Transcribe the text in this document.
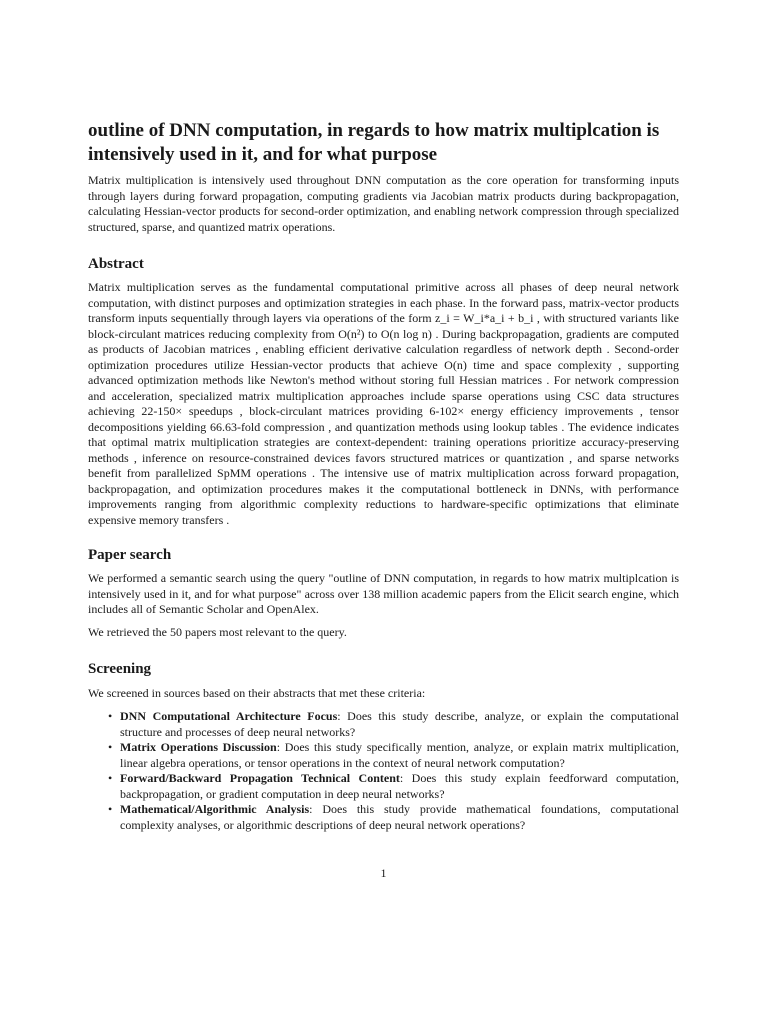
outline of DNN computation, in regards to how matrix multiplcation is intensively used in it, and for what purpose

Matrix multiplication is intensively used throughout DNN computation as the core operation for transforming inputs through layers during forward propagation, computing gradients via Jacobian matrix products during backpropagation, calculating Hessian-vector products for second-order optimization, and enabling network compression through specialized structured, sparse, and quantized matrix operations.

Abstract

Matrix multiplication serves as the fundamental computational primitive across all phases of deep neural network computation, with distinct purposes and optimization strategies in each phase. In the forward pass, matrix-vector products transform inputs sequentially through layers via operations of the form z_i = W_i*a_i + b_i , with structured variants like block-circulant matrices reducing complexity from O(n²) to O(n log n) . During backpropagation, gradients are computed as products of Jacobian matrices , enabling efficient derivative calculation regardless of network depth . Second-order optimization procedures utilize Hessian-vector products that achieve O(n) time and space complexity , supporting advanced optimization methods like Newton's method without storing full Hessian matrices . For network compression and acceleration, specialized matrix multiplication approaches include sparse operations using CSC data structures achieving 22-150× speedups , block-circulant matrices providing 6-102× energy efficiency improvements , tensor decompositions yielding 66.63-fold compression , and quantization methods using lookup tables . The evidence indicates that optimal matrix multiplication strategies are context-dependent: training operations prioritize accuracy-preserving methods , inference on resource-constrained devices favors structured matrices or quantization , and sparse networks benefit from parallelized SpMM operations . The intensive use of matrix multiplication across forward propagation, backpropagation, and optimization procedures makes it the computational bottleneck in DNNs, with performance improvements ranging from algorithmic complexity reductions to hardware-specific optimizations that eliminate expensive memory transfers .

Paper search

We performed a semantic search using the query "outline of DNN computation, in regards to how matrix multiplcation is intensively used in it, and for what purpose" across over 138 million academic papers from the Elicit search engine, which includes all of Semantic Scholar and OpenAlex.

We retrieved the 50 papers most relevant to the query.

Screening

We screened in sources based on their abstracts that met these criteria:

• DNN Computational Architecture Focus: Does this study describe, analyze, or explain the computational structure and processes of deep neural networks?
• Matrix Operations Discussion: Does this study specifically mention, analyze, or explain matrix multiplication, linear algebra operations, or tensor operations in the context of neural network computation?
• Forward/Backward Propagation Technical Content: Does this study explain feedforward computation, backpropagation, or gradient computation in deep neural networks?
• Mathematical/Algorithmic Analysis: Does this study provide mathematical foundations, computational complexity analyses, or algorithmic descriptions of deep neural network operations?
1
